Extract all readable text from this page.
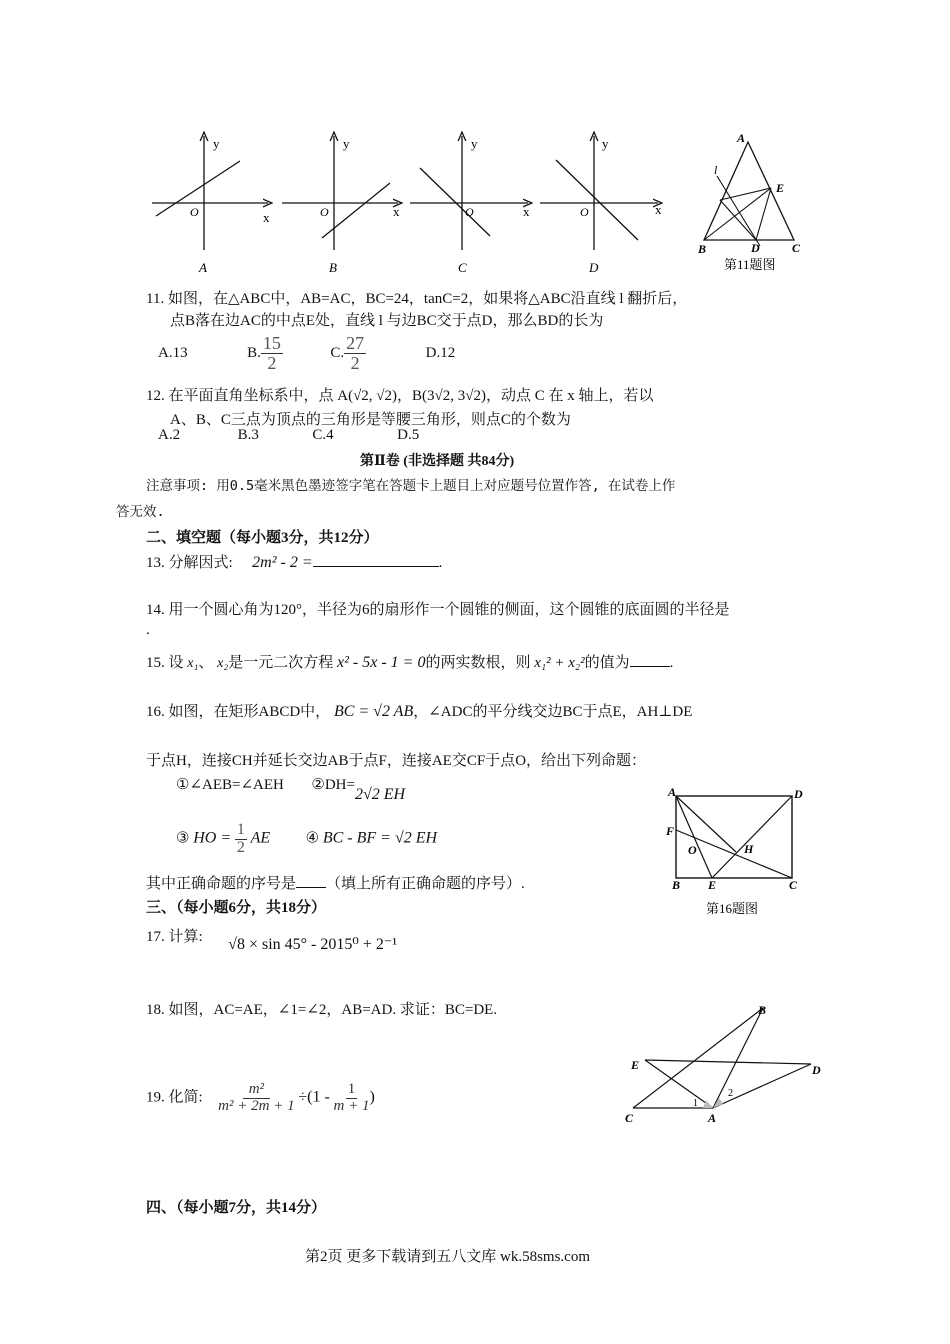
y
x
O
A
y
x
O
B
y
x
O
C
y
x
O
D
A
B	C
D
E
l
第11题图
11. 如图，在△ABC中，AB=AC，BC=24，tanC=2，如果将△ABC沿直线 l 翻折后，
点B落在边AC的中点E处，直线 l 与边BC交于点D，那么BD的长为
A.13	B. $\frac{15}{2}$	C. $\frac{27}{2}$	D.12
12. 在平面直角坐标系中，点 A(√2, √2)，B(3√2, 3√2)，动点 C 在 x 轴上，若以
A、B、C三点为顶点的三角形是等腰三角形，则点C的个数为
A.2	B.3	C.4	D.5
第Ⅱ卷 (非选择题 共84分)
注意事项: 用0.5毫米黑色墨迹签字笔在答题卡上题目上对应题号位置作答, 在试卷上作
答无效.
二、填空题（每小题3分，共12分）
13. 分解因式: 2m² - 2 =	.
14. 用一个圆心角为120°，半径为6的扇形作一个圆锥的侧面，这个圆锥的底面圆的半径是
.
15. 设 x₁、 x₂是一元二次方程 x² - 5x - 1 = 0的两实数根，则 x₁² + x₂²的值为	.
16. 如图，在矩形ABCD中， BC = √2 AB，∠ADC的平分线交边BC于点E，AH⊥DE
于点H，连接CH并延长交边AB于点F，连接AE交CF于点O，给出下列命题：
①∠AEB=∠AEH ②DH=2√2 EH
③ HO = $\frac{1}{2}$ AE ④ BC - BF = √2 EH
其中正确命题的序号是 （填上所有正确命题的序号）.
A	D
F
O	H
B E	C
第16题图
三、（每小题6分，共18分）
17. 计算: √8 × sin 45° - 2015⁰ + 2⁻¹
18. 如图，AC=AE，∠1=∠2，AB=AD. 求证：BC=DE.	B
E	D
C	A
1
2
19. 化简: $\frac{\text{m²}}{\text{m² + 2m + 1}} \div(1 - \frac{1}{m + 1}$ )
四、（每小题7分，共14分）
第2页 更多下载请到五八文库 wk.58sms.com
